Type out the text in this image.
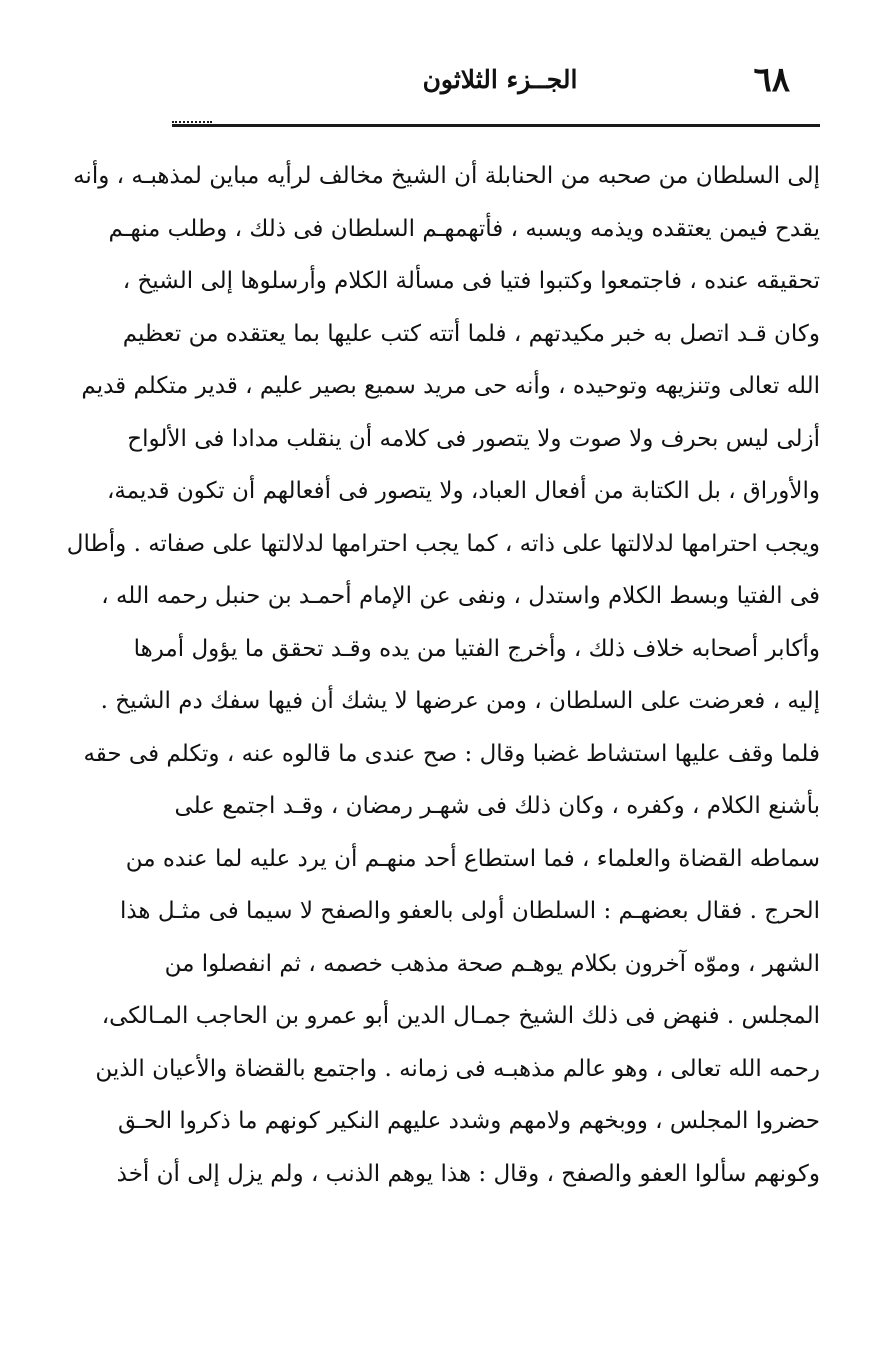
٦٨
الجــزء الثلاثون
إلى السلطان من صحبه من الحنابلة أن الشيخ مخالف لرأيه مباين لمذهبـه ، وأنه
يقدح فيمن يعتقده ويذمه ويسبه ، فأتهمهـم السلطان فى ذلك ، وطلب منهـم
تحقيقه عنده ، فاجتمعوا وكتبوا فتيا فى مسألة الكلام وأرسلوها إلى الشيخ ،
وكان قـد اتصل به خبر مكيدتهم ، فلما أتته كتب عليها بما يعتقده من تعظيم
الله تعالى وتنزيهه وتوحيده ، وأنه حى مريد سميع بصير عليم ، قدير متكلم قديم
أزلى ليس بحرف ولا صوت ولا يتصور فى كلامه أن ينقلب مدادا فى الألواح
والأوراق ، بل الكتابة من أفعال العباد، ولا يتصور فى أفعالهم أن تكون قديمة،
ويجب احترامها لدلالتها على ذاته ، كما يجب احترامها لدلالتها على صفاته . وأطال
فى الفتيا وبسط الكلام واستدل ، ونفى عن الإمام أحمـد بن حنبل رحمه الله ،
وأكابر أصحابه خلاف ذلك ، وأخرج الفتيا من يده وقـد تحقق ما يؤول أمرها
إليه ، فعرضت على السلطان ، ومن عرضها لا يشك أن فيها سفك دم الشيخ .
فلما وقف عليها استشاط غضبا وقال : صح عندى ما قالوه عنه ، وتكلم فى حقه
بأشنع الكلام ، وكفره ، وكان ذلك فى شهـر رمضان ، وقـد اجتمع على
سماطه القضاة والعلماء ، فما استطاع أحد منهـم أن يرد عليه لما عنده من
الحرج . فقال بعضهـم : السلطان أولى بالعفو والصفح لا سيما فى مثـل هذا
الشهر ، وموّه آخرون بكلام يوهـم صحة مذهب خصمه ، ثم انفصلوا من
المجلس . فنهض فى ذلك الشيخ جمـال الدين أبو عمرو بن الحاجب المـالكى،
رحمه الله تعالى ، وهو عالم مذهبـه فى زمانه . واجتمع بالقضاة والأعيان الذين
حضروا المجلس ، ووبخهم ولامهم وشدد عليهم النكير كونهم ما ذكروا الحـق
وكونهم سألوا العفو والصفح ، وقال : هذا يوهم الذنب ، ولم يزل إلى أن أخذ
